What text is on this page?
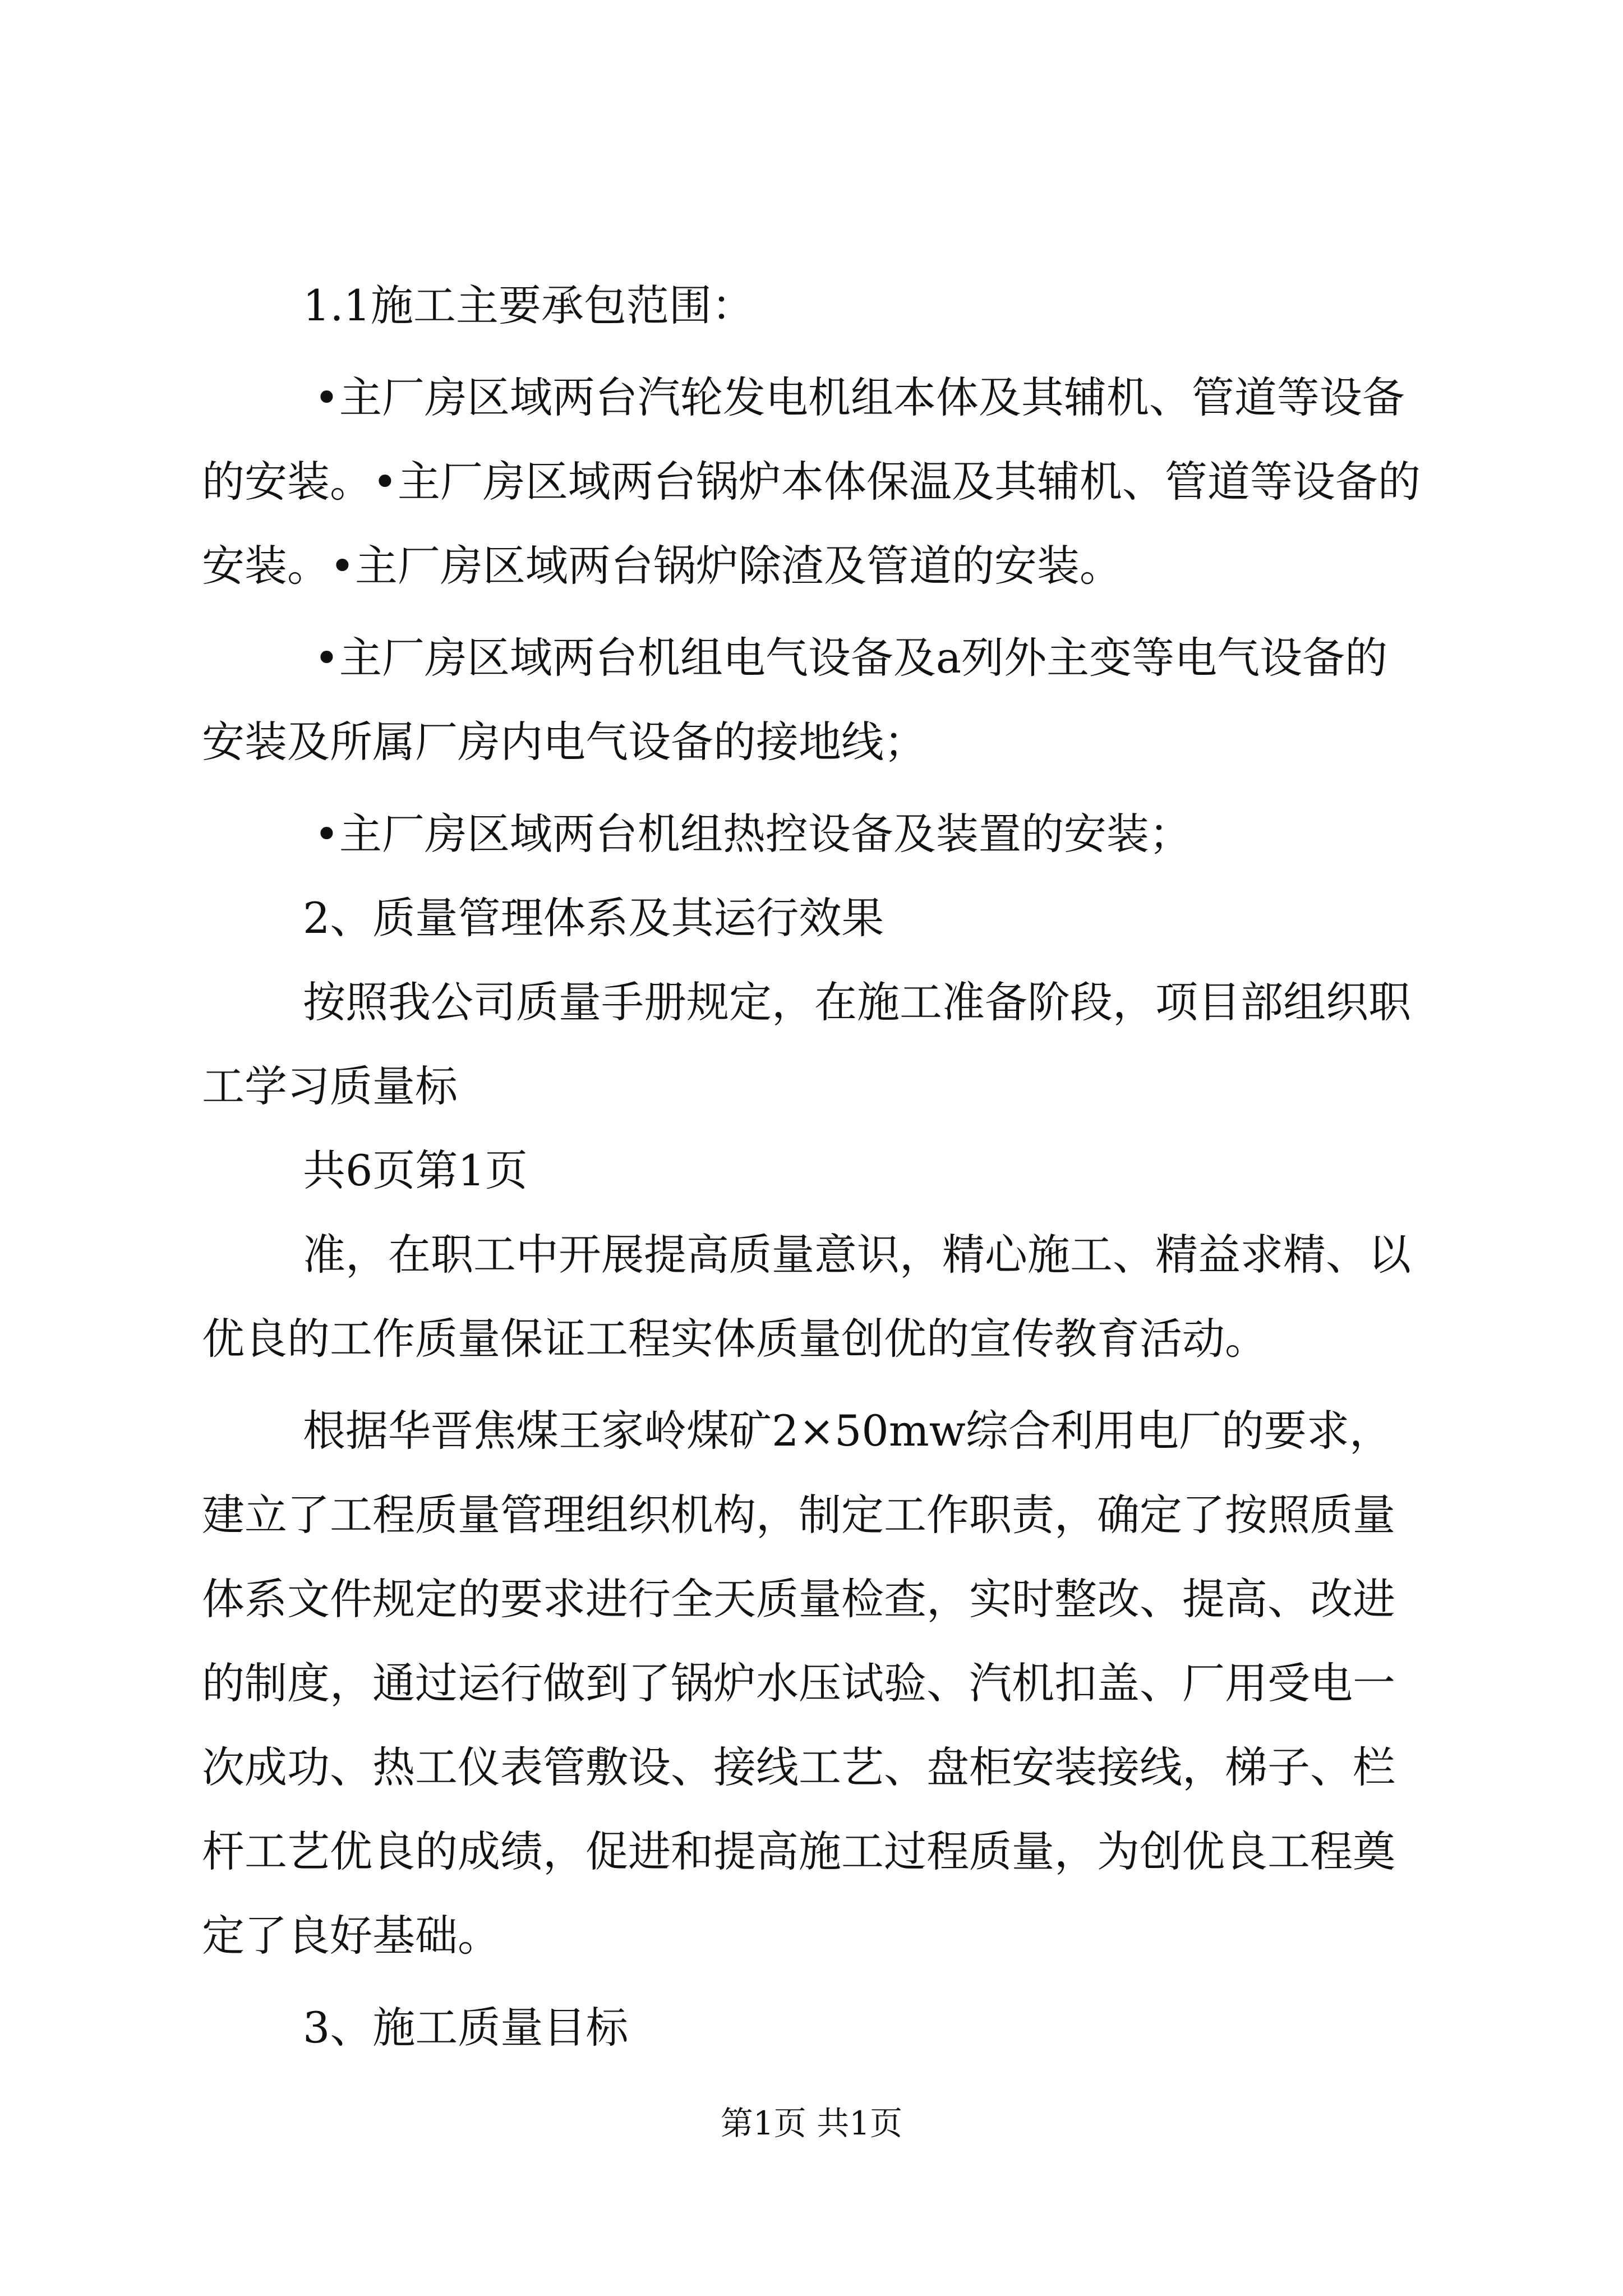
1.1施工主要承包范围：

•主厂房区域两台汽轮发电机组本体及其辅机、管道等设备的安装。•主厂房区域两台锅炉本体保温及其辅机、管道等设备的安装。•主厂房区域两台锅炉除渣及管道的安装。

•主厂房区域两台机组电气设备及a列外主变等电气设备的安装及所属厂房内电气设备的接地线；

•主厂房区域两台机组热控设备及装置的安装；

2、质量管理体系及其运行效果

按照我公司质量手册规定，在施工准备阶段，项目部组织职工学习质量标

共6页第1页

准，在职工中开展提高质量意识，精心施工、精益求精、以优良的工作质量保证工程实体质量创优的宣传教育活动。

根据华晋焦煤王家岭煤矿2×50mw综合利用电厂的要求，建立了工程质量管理组织机构，制定工作职责，确定了按照质量体系文件规定的要求进行全天质量检查，实时整改、提高、改进的制度，通过运行做到了锅炉水压试验、汽机扣盖、厂用受电一次成功、热工仪表管敷设、接线工艺、盘柜安装接线，梯子、栏杆工艺优良的成绩，促进和提高施工过程质量，为创优良工程奠定了良好基础。

3、施工质量目标

第1页 共1页
